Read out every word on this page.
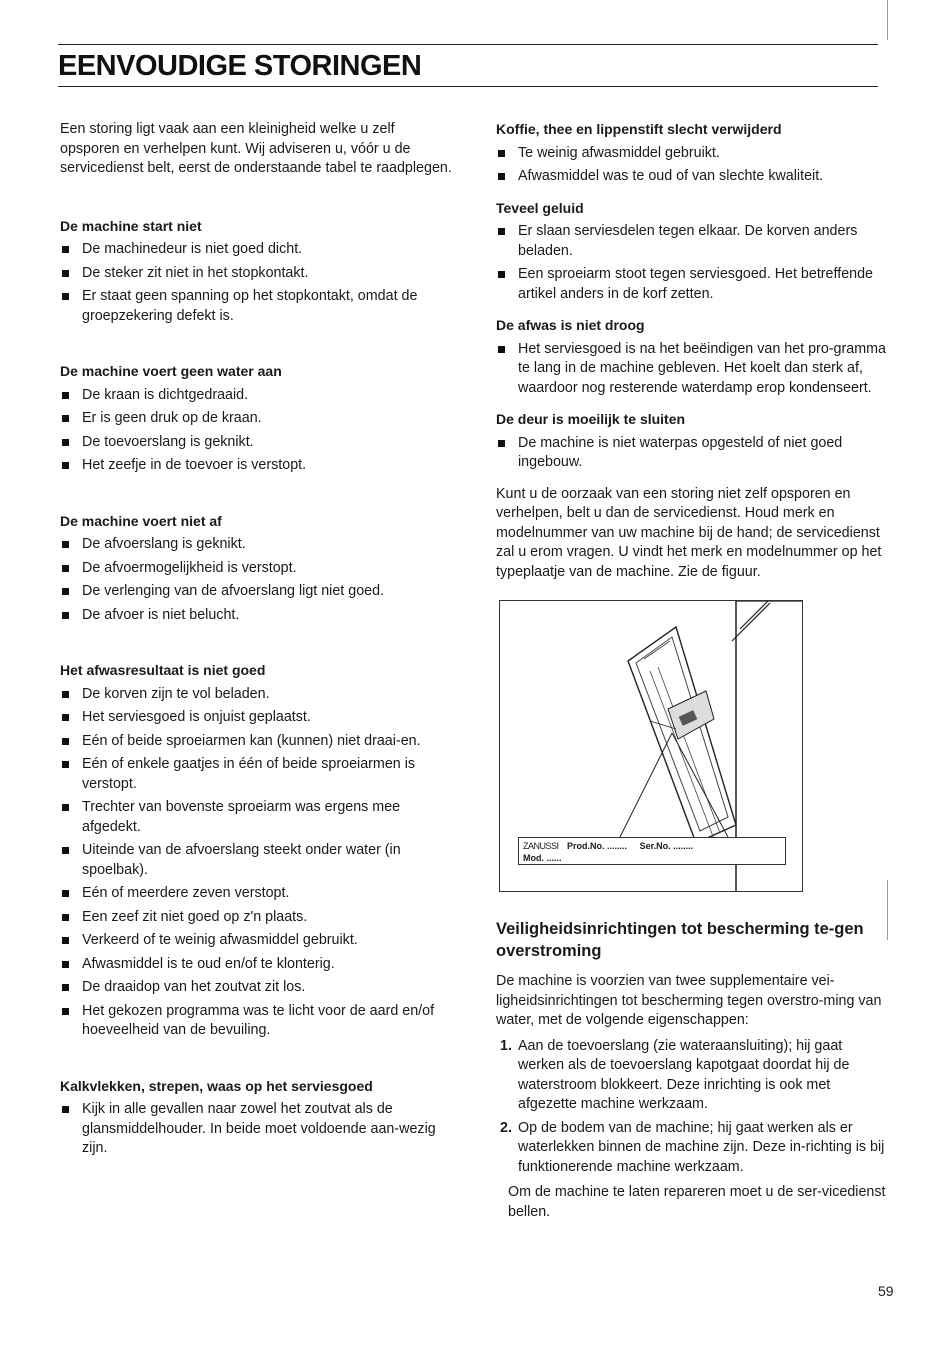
EENVOUDIGE STORINGEN

Een storing ligt vaak aan een kleinigheid welke u zelf opsporen en verhelpen kunt. Wij adviseren u, vóór u de servicedienst belt, eerst de onderstaande tabel te raadplegen.

De machine start niet
De machinedeur is niet goed dicht.
De steker zit niet in het stopkontakt.
Er staat geen spanning op het stopkontakt, omdat de groepzekering defekt is.
De machine voert geen water aan
De kraan is dichtgedraaid.
Er is geen druk op de kraan.
De toevoerslang is geknikt.
Het zeefje in de toevoer is verstopt.
De machine voert niet af
De afvoerslang is geknikt.
De afvoermogelijkheid is verstopt.
De verlenging van de afvoerslang ligt niet goed.
De afvoer is niet belucht.
Het afwasresultaat is niet goed
De korven zijn te vol beladen.
Het serviesgoed is onjuist geplaatst.
Eén of beide sproeiarmen kan (kunnen) niet draai-en.
Eén of enkele gaatjes in één of beide sproeiarmen is verstopt.
Trechter van bovenste sproeiarm was ergens mee afgedekt.
Uiteinde van de afvoerslang steekt onder water (in spoelbak).
Eén of meerdere zeven verstopt.
Een zeef zit niet goed op z'n plaats.
Verkeerd of te weinig afwasmiddel gebruikt.
Afwasmiddel is te oud en/of te klonterig.
De draaidop van het zoutvat zit los.
Het gekozen programma was te licht voor de aard en/of hoeveelheid van de bevuiling.
Kalkvlekken, strepen, waas op het serviesgoed
Kijk in alle gevallen naar zowel het zoutvat als de glansmiddelhouder. In beide moet voldoende aan-wezig zijn.
Koffie, thee en lippenstift slecht verwijderd
Te weinig afwasmiddel gebruikt.
Afwasmiddel was te oud of van slechte kwaliteit.
Teveel geluid
Er slaan serviesdelen tegen elkaar. De korven anders beladen.
Een sproeiarm stoot tegen serviesgoed. Het betreffende artikel anders in de korf zetten.
De afwas is niet droog
Het serviesgoed is na het beëindigen van het pro-gramma te lang in de machine gebleven. Het koelt dan sterk af, waardoor nog resterende waterdamp erop kondenseert.
De deur is moeilijk te sluiten
De machine is niet waterpas opgesteld of niet goed ingebouw.

Kunt u de oorzaak van een storing niet zelf opsporen en verhelpen, belt u dan de servicedienst. Houd merk en modelnummer van uw machine bij de hand; de servicedienst zal u erom vragen. U vindt het merk en modelnummer op het typeplaatje van de machine. Zie de figuur.

ZANUSSI Prod.No. ........ Ser.No. ........
Mod. ......
Veiligheidsinrichtingen tot bescherming te-gen overstroming

De machine is voorzien van twee supplementaire vei-ligheidsinrichtingen tot bescherming tegen overstro-ming van water, met de volgende eigenschappen:

1. Aan de toevoerslang (zie wateraansluiting); hij gaat werken als de toevoerslang kapotgaat doordat hij de waterstroom blokkeert. Deze inrichting is ook met afgezette machine werkzaam.
2. Op de bodem van de machine; hij gaat werken als er waterlekken binnen de machine zijn. Deze in-richting is bij funktionerende machine werkzaam.

Om de machine te laten repareren moet u de ser-vicedienst bellen.

59
